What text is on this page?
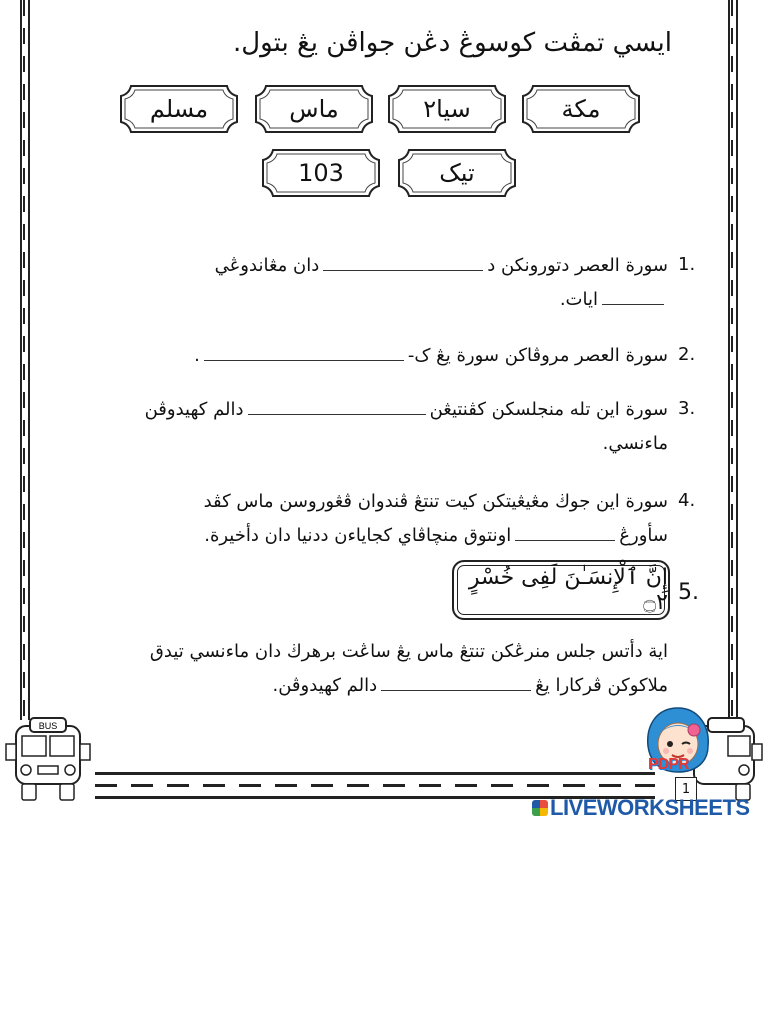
ايسي تمڤت کوسوڠ دڠن جواڤن يڠ بتول.
مكة
سيا٢
ماس
مسلم
تيک
103
1.
سورة العصر دتورونکن ددان مڠاندوڠي
ايات.
2.
سورة العصر مروڤاکن سورة يڠ ک-.
3.
سورة اين تله منجلسکن کڤنتيڠندالم کهيدوڤن
ماءنسي.
4.
سورة اين جوڬ مڠيڠيتکن کيت تنتڠ ڤندوان ڤڠوروسن ماس کڤد
سأورڠاونتوق منچاڤاي کجاياءن ددنيا دان دأخيرة.
5.
إِنَّ ٱلْإِنسَـٰنَ لَفِى خُسْرٍ ۝٢
اية دأتس جلس منرڠکن تنتڠ ماس يڠ ساڠت برهرڬ دان ماءنسي تيدق
ملاکوکن ڤرکارا يڠدالم کهيدوڤن.
BUS
PDPR
1
LIVEWORKSHEETS
